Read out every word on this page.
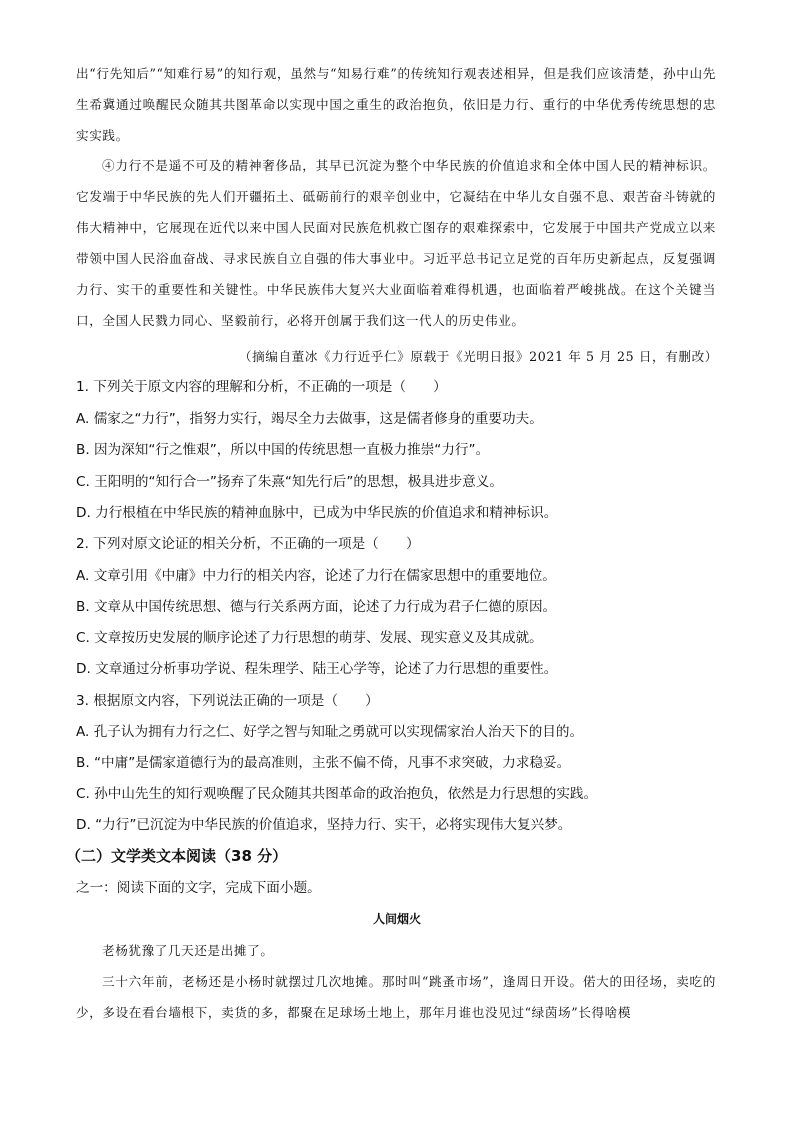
出“行先知后”“知难行易”的知行观，虽然与“知易行难”的传统知行观表述相异，但是我们应该清楚，孙中山先生希冀通过唤醒民众随其共图革命以实现中国之重生的政治抱负，依旧是力行、重行的中华优秀传统思想的忠实实践。

④力行不是遥不可及的精神奢侈品，其早已沉淀为整个中华民族的价值追求和全体中国人民的精神标识。它发端于中华民族的先人们开疆拓土、砥砺前行的艰辛创业中，它凝结在中华儿女自强不息、艰苦奋斗铸就的伟大精神中，它展现在近代以来中国人民面对民族危机救亡图存的艰难探索中，它发展于中国共产党成立以来带领中国人民浴血奋战、寻求民族自立自强的伟大事业中。习近平总书记立足党的百年历史新起点，反复强调力行、实干的重要性和关键性。中华民族伟大复兴大业面临着难得机遇，也面临着严峻挑战。在这个关键当口，全国人民戮力同心、坚毅前行，必将开创属于我们这一代人的历史伟业。

（摘编自董冰《力行近乎仁》原载于《光明日报》2021 年 5 月 25 日，有删改）

1. 下列关于原文内容的理解和分析，不正确的一项是（　　）

A. 儒家之“力行”，指努力实行，竭尽全力去做事，这是儒者修身的重要功夫。

B. 因为深知“行之惟艰”，所以中国的传统思想一直极力推崇“力行”。

C. 王阳明的“知行合一”扬弃了朱熹“知先行后”的思想，极具进步意义。

D. 力行根植在中华民族的精神血脉中，已成为中华民族的价值追求和精神标识。

2. 下列对原文论证的相关分析，不正确的一项是（　　）

A. 文章引用《中庸》中力行的相关内容，论述了力行在儒家思想中的重要地位。

B. 文章从中国传统思想、德与行关系两方面，论述了力行成为君子仁德的原因。

C. 文章按历史发展的顺序论述了力行思想的萌芽、发展、现实意义及其成就。

D. 文章通过分析事功学说、程朱理学、陆王心学等，论述了力行思想的重要性。

3. 根据原文内容，下列说法正确的一项是（　　）

A. 孔子认为拥有力行之仁、好学之智与知耻之勇就可以实现儒家治人治天下的目的。

B. “中庸”是儒家道德行为的最高准则，主张不偏不倚，凡事不求突破，力求稳妥。

C. 孙中山先生的知行观唤醒了民众随其共图革命的政治抱负，依然是力行思想的实践。

D. “力行”已沉淀为中华民族的价值追求，坚持力行、实干，必将实现伟大复兴梦。

（二）文学类文本阅读（38 分）

之一：阅读下面的文字，完成下面小题。

人间烟火

老杨犹豫了几天还是出摊了。

三十六年前，老杨还是小杨时就摆过几次地摊。那时叫“跳蚤市场”，逢周日开设。偌大的田径场，卖吃的少，多设在看台墙根下，卖货的多，都聚在足球场土地上，那年月谁也没见过“绿茵场”长得啥模
